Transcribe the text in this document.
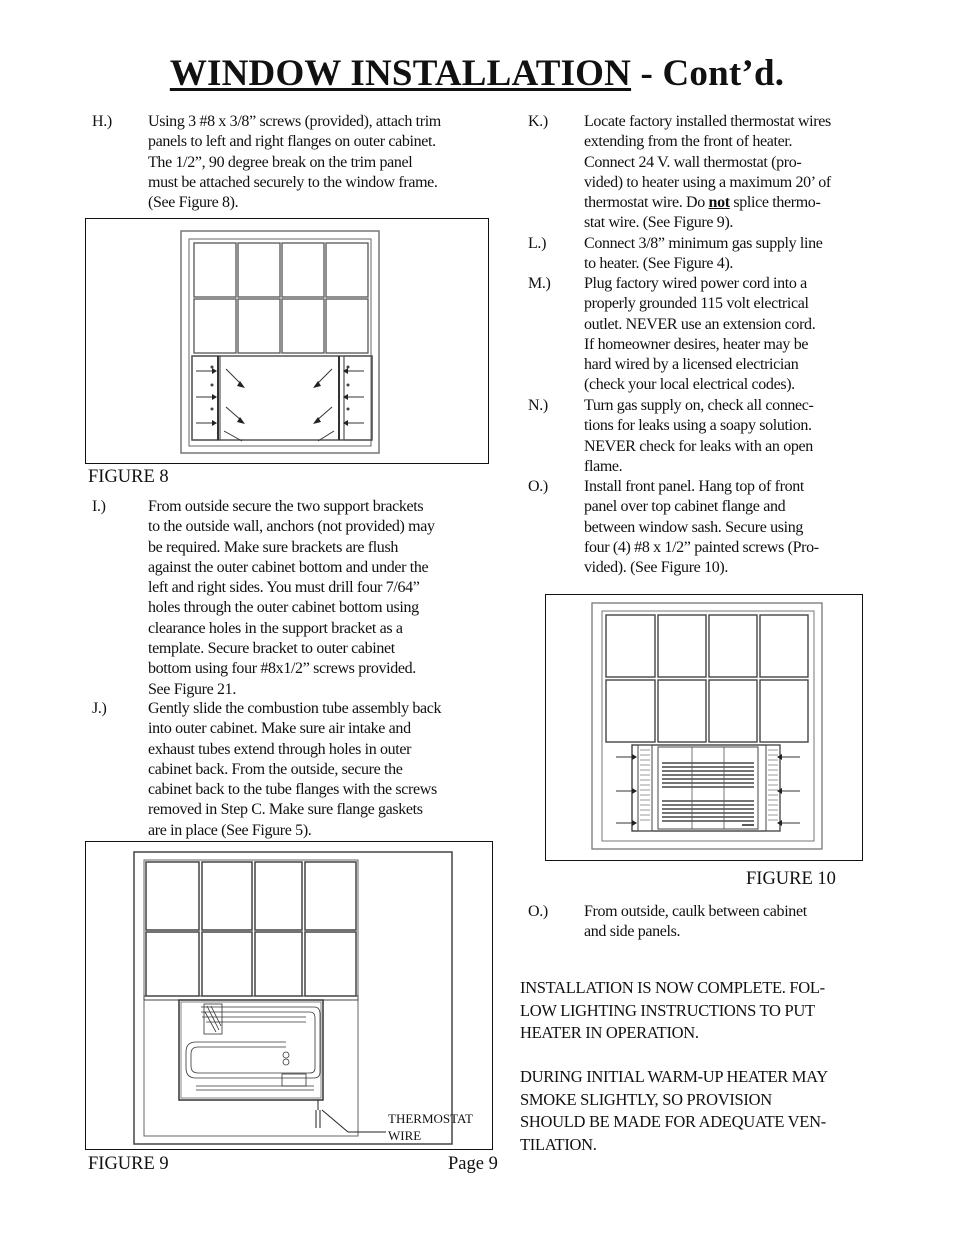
WINDOW INSTALLATION - Cont’d.
H.) Using 3 #8 x 3/8” screws (provided), attach trim
panels to left and right flanges on outer cabinet.
The 1/2”, 90 degree break on the trim panel
must be attached securely to the window frame.
(See Figure 8).
FIGURE 8
I.)	From outside secure the two support brackets
to the outside wall, anchors (not provided) may
be required. Make sure brackets are flush
against the outer cabinet bottom and under the
left and right sides. You must drill four 7/64”
holes through the outer cabinet bottom using
clearance holes in the support bracket as a
template. Secure bracket to outer cabinet
bottom using four #8x1/2” screws provided.
See Figure 21.
J.)	Gently slide the combustion tube assembly back
into outer cabinet. Make sure air intake and
exhaust tubes extend through holes in outer
cabinet back. From the outside, secure the
cabinet back to the tube flanges with the screws
removed in Step C. Make sure flange gaskets
are in place (See Figure 5).
THERMOSTAT
WIRE
FIGURE 9	Page 9
K.) Locate factory installed thermostat wires
extending from the front of heater.
Connect 24 V. wall thermostat (pro-
vided) to heater using a maximum 20’ of
thermostat wire. Do not splice thermo-
stat wire. (See Figure 9).
L.) Connect 3/8” minimum gas supply line
to heater. (See Figure 4).
M.) Plug factory wired power cord into a
properly grounded 115 volt electrical
outlet. NEVER use an extension cord.
If homeowner desires, heater may be
hard wired by a licensed electrician
(check your local electrical codes).
N.) Turn gas supply on, check all connec-
tions for leaks using a soapy solution.
NEVER check for leaks with an open
flame.
O.) Install front panel. Hang top of front
panel over top cabinet flange and
between window sash. Secure using
four (4) #8 x 1/2” painted screws (Pro-
vided). (See Figure 10).
FIGURE 10
O.) From outside, caulk between cabinet
and side panels.
INSTALLATION IS NOW COMPLETE. FOL-
LOW LIGHTING INSTRUCTIONS TO PUT
HEATER IN OPERATION.
DURING INITIAL WARM-UP HEATER MAY
SMOKE SLIGHTLY, SO PROVISION
SHOULD BE MADE FOR ADEQUATE VEN-
TILATION.
